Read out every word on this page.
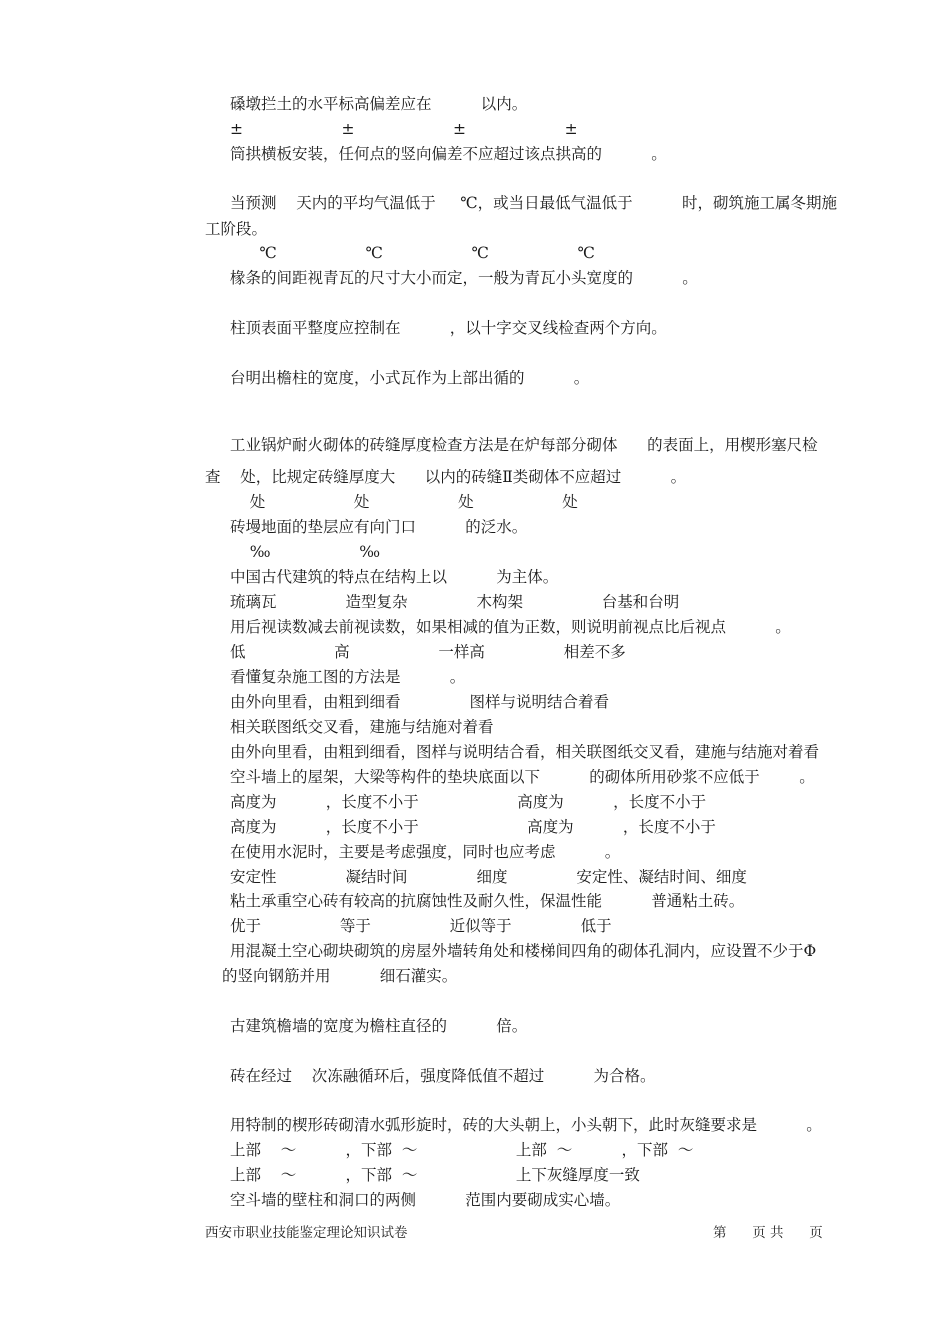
磉墩拦土的水平标高偏差应在          以内。

±                    ±                    ±                    ±

筒拱横板安装，任何点的竖向偏差不应超过该点拱高的          。

当预测    天内的平均气温低于     ℃，或当日最低气温低于          时，砌筑施工属冬期施

工阶段。

℃                  ℃                  ℃                  ℃

椽条的间距视青瓦的尺寸大小而定，一般为青瓦小头宽度的          。

柱顶表面平整度应控制在          ，以十字交叉线检查两个方向。

台明出檐柱的宽度，小式瓦作为上部出循的          。

工业锅炉耐火砌体的砖缝厚度检查方法是在炉每部分砌体      的表面上，用楔形塞尺检

查    处，比规定砖缝厚度大      以内的砖缝Ⅱ类砌体不应超过          。

处                  处                  处                  处

砖墁地面的垫层应有向门口          的泛水。

‰                  ‰

中国古代建筑的特点在结构上以          为主体。

琉璃瓦              造型复杂              木构架                台基和台明

用后视读数减去前视读数，如果相减的值为正数，则说明前视点比后视点          。

低                  高                  一样高                相差不多

看懂复杂施工图的方法是          。

由外向里看，由粗到细看              图样与说明结合着看

相关联图纸交叉看，建施与结施对着看

由外向里看，由粗到细看，图样与说明结合看，相关联图纸交叉看，建施与结施对着看

空斗墙上的屋架，大梁等构件的垫块底面以下          的砌体所用砂浆不应低于        。

高度为          ，长度不小于                    高度为          ，长度不小于

高度为          ，长度不小于                      高度为          ，长度不小于

在使用水泥时，主要是考虑强度，同时也应考虑          。

安定性              凝结时间              细度              安定性、凝结时间、细度

粘土承重空心砖有较高的抗腐蚀性及耐久性，保温性能          普通粘土砖。

优于                等于                近似等于              低于

用混凝土空心砌块砌筑的房屋外墙转角处和楼梯间四角的砌体孔洞内，应设置不少于Φ

的竖向钢筋并用          细石灌实。

古建筑檐墙的宽度为檐柱直径的          倍。

砖在经过    次冻融循环后，强度降低值不超过          为合格。

用特制的楔形砖砌清水弧形旋时，砖的大头朝上，小头朝下，此时灰缝要求是          。

上部    ～          ，下部  ～                    上部  ～          ，下部  ～

上部    ～          ，下部  ～                    上下灰缝厚度一致

空斗墙的壁柱和洞口的两侧          范围内要砌成实心墙。

西安市职业技能鉴定理论知识试卷	第      页 共      页
